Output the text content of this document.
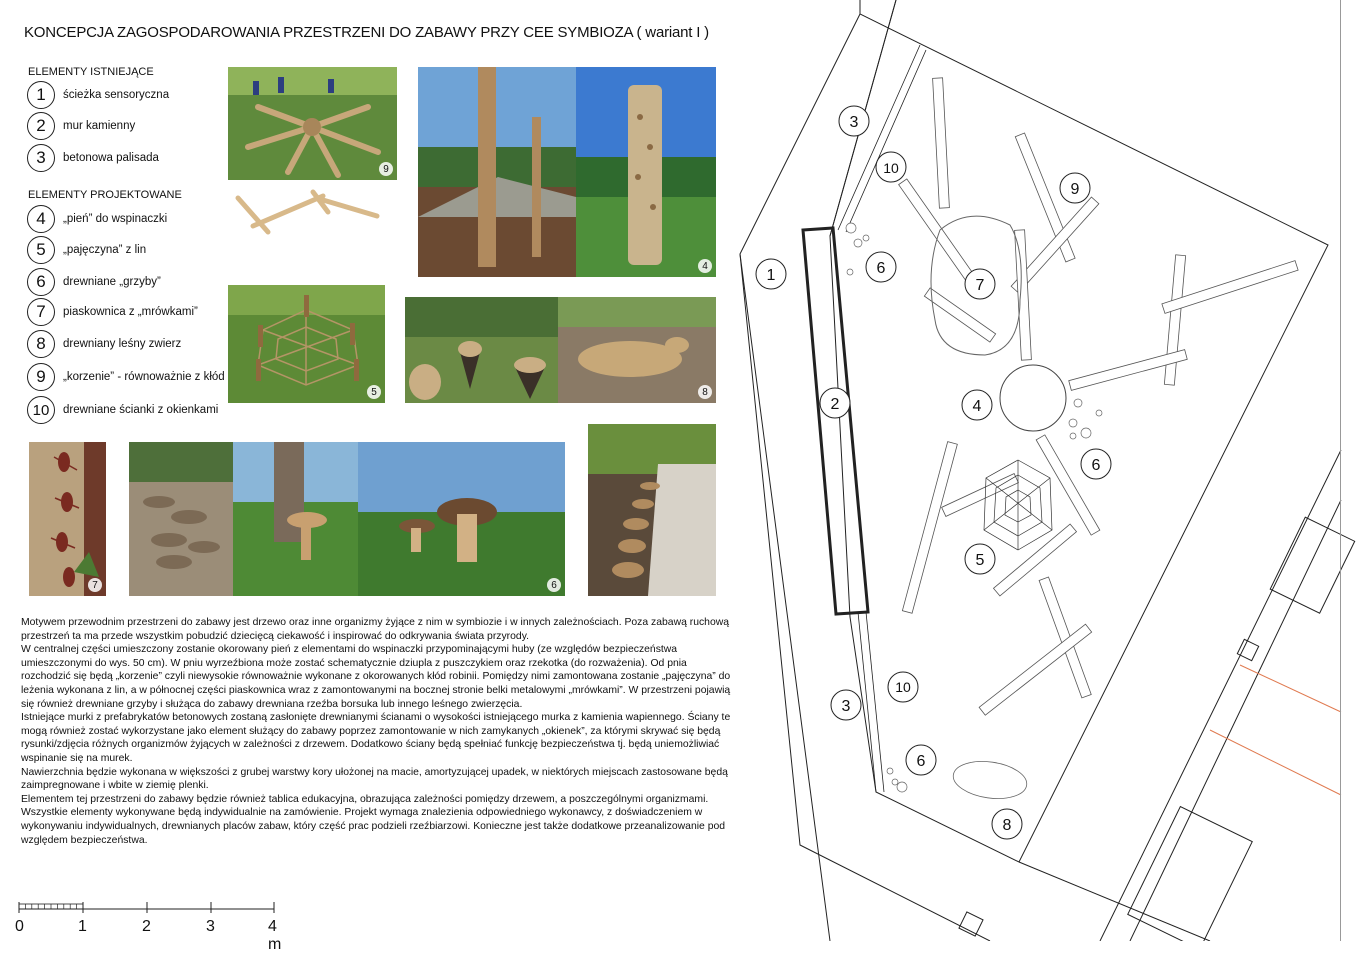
KONCEPCJA ZAGOSPODAROWANIA PRZESTRZENI DO ZABAWY PRZY CEE SYMBIOZA ( wariant I )
ELEMENTY ISTNIEJĄCE
1	ścieżka sensoryczna
2	mur kamienny
3	betonowa palisada
ELEMENTY PROJEKTOWANE
4	„pień” do wspinaczki
5	„pajęczyna” z lin
6	drewniane „grzyby”
7	piaskownica z „mrówkami”
8	drewniany leśny zwierz
9	„korzenie” - równoważnie z kłód
10	drewniane ścianki z okienkami
9
4
5	8
7	6

Motywem przewodnim przestrzeni do zabawy jest drzewo oraz inne organizmy żyjące z nim w symbiozie i w innych zależnościach. Poza zabawą ruchową przestrzeń ta ma przede wszystkim pobudzić dziecięcą ciekawość i inspirować do odkrywania świata przyrody.

W centralnej części umieszczony zostanie okorowany pień z elementami do wspinaczki przypominającymi huby (ze względów bezpieczeństwa umieszczonymi do wys. 50 cm). W pniu wyrzeźbiona może zostać schematycznie dziupla z puszczykiem oraz rzekotka (do rozważenia). Od pnia rozchodzić się będą „korzenie” czyli niewysokie równoważnie wykonane z okorowanych kłód robinii. Pomiędzy nimi zamontowana zostanie „pajęczyna” do leżenia wykonana z lin, a w północnej części piaskownica wraz z zamontowanymi na bocznej stronie belki metalowymi „mrówkami”. W przestrzeni pojawią się również drewniane grzyby i służąca do zabawy drewniana rzeźba borsuka lub innego leśnego zwierzęcia.

Istniejące murki z prefabrykatów betonowych zostaną zasłonięte drewnianymi ścianami o wysokości istniejącego murka z kamienia wapiennego. Ściany te mogą również zostać wykorzystane jako element służący do zabawy poprzez zamontowanie w nich zamykanych „okienek”, za którymi skrywać się będą rysunki/zdjęcia różnych organizmów żyjących w zależności z drzewem. Dodatkowo ściany będą spełniać funkcję bezpieczeństwa tj. będą uniemożliwiać wspinanie się na murek.

Nawierzchnia będzie wykonana w większości z grubej warstwy kory ułożonej na macie, amortyzującej upadek, w niektórych miejscach zastosowane będą zaimpregnowane i wbite w ziemię plenki.

Elementem tej przestrzeni do zabawy będzie również tablica edukacyjna, obrazująca zależności pomiędzy drzewem, a poszczególnymi organizmami.

Wszystkie elementy wykonywane będą indywidualnie na zamówienie. Projekt wymaga znalezienia odpowiedniego wykonawcy, z doświadczeniem w wykonywaniu indywidualnych, drewnianych placów zabaw, który część prac podzieli rzeźbiarzowi. Konieczne jest także dodatkowe przeanalizowanie pod względem bezpieczeństwa.

0	1	2	3	4 m
1
2
3
3
4
5
6
6
6
7
8
9
10
10
